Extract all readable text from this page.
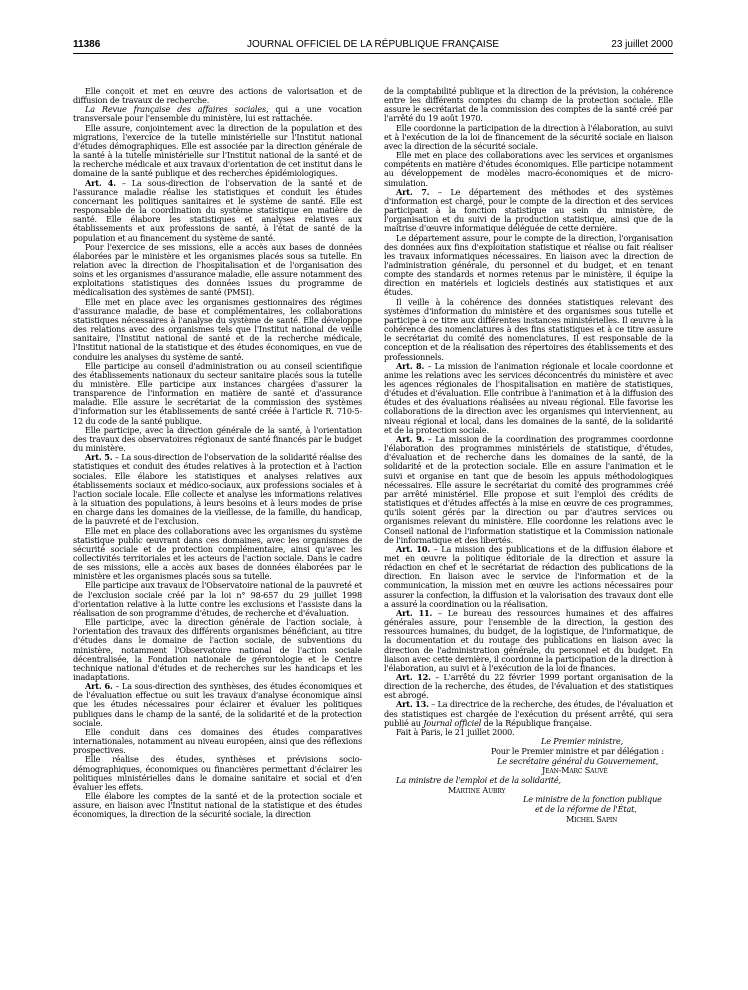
11386	JOURNAL OFFICIEL DE LA RÉPUBLIQUE FRANÇAISE	23 juillet 2000

Elle conçoit et met en œuvre des actions de valorisation et de diffusion de travaux de recherche.

La Revue française des affaires sociales, qui a une vocation transversale pour l'ensemble du ministère, lui est rattachée.

Elle assure, conjointement avec la direction de la population et des migrations, l'exercice de la tutelle ministérielle sur l'Institut national d'études démographiques. Elle est associée par la direction générale de la santé à la tutelle ministérielle sur l'Institut national de la santé et de la recherche médicale et aux travaux d'orientation de cet institut dans le domaine de la santé publique et des recherches épidémiologiques.

Art. 4. – La sous-direction de l'observation de la santé et de l'assurance maladie réalise les statistiques et conduit les études concernant les politiques sanitaires et le système de santé. Elle est responsable de la coordination du système statistique en matière de santé. Elle élabore les statistiques et analyses relatives aux établissements et aux professions de santé, à l'état de santé de la population et au financement du système de santé.

Pour l'exercice de ses missions, elle a accès aux bases de données élaborées par le ministère et les organismes placés sous sa tutelle. En relation avec la direction de l'hospitalisation et de l'organisation des soins et les organismes d'assurance maladie, elle assure notamment des exploitations statistiques des données issues du programme de médicalisation des systèmes de santé (PMSI).

Elle met en place avec les organismes gestionnaires des régimes d'assurance maladie, de base et complémentaires, les collaborations statistiques nécessaires à l'analyse du système de santé. Elle développe des relations avec des organismes tels que l'Institut national de veille sanitaire, l'Institut national de santé et de la recherche médicale, l'Institut national de la statistique et des études économiques, en vue de conduire les analyses du système de santé.

Elle participe au conseil d'administration ou au conseil scientifique des établissements nationaux du secteur sanitaire placés sous la tutelle du ministère. Elle participe aux instances chargées d'assurer la transparence de l'information en matière de santé et d'assurance maladie. Elle assure le secrétariat de la commission des systèmes d'information sur les établissements de santé créée à l'article R. 710-5-12 du code de la santé publique.

Elle participe, avec la direction générale de la santé, à l'orientation des travaux des observatoires régionaux de santé financés par le budget du ministère.

Art. 5. – La sous-direction de l'observation de la solidarité réalise des statistiques et conduit des études relatives à la protection et à l'action sociales. Elle élabore les statistiques et analyses relatives aux établissements sociaux et médico-sociaux, aux professions sociales et à l'action sociale locale. Elle collecte et analyse les informations relatives à la situation des populations, à leurs besoins et à leurs modes de prise en charge dans les domaines de la vieillesse, de la famille, du handicap, de la pauvreté et de l'exclusion.

Elle met en place des collaborations avec les organismes du système statistique public œuvrant dans ces domaines, avec les organismes de sécurité sociale et de protection complémentaire, ainsi qu'avec les collectivités territoriales et les acteurs de l'action sociale. Dans le cadre de ses missions, elle a accès aux bases de données élaborées par le ministère et les organismes placés sous sa tutelle.

Elle participe aux travaux de l'Observatoire national de la pauvreté et de l'exclusion sociale créé par la loi n° 98-657 du 29 juillet 1998 d'orientation relative à la lutte contre les exclusions et l'assiste dans la réalisation de son programme d'études, de recherche et d'évaluation.

Elle participe, avec la direction générale de l'action sociale, à l'orientation des travaux des différents organismes bénéficiant, au titre d'études dans le domaine de l'action sociale, de subventions du ministère, notamment l'Observatoire national de l'action sociale décentralisée, la Fondation nationale de gérontologie et le Centre technique national d'études et de recherches sur les handicaps et les inadaptations.

Art. 6. – La sous-direction des synthèses, des études économiques et de l'évaluation effectue ou suit les travaux d'analyse économique ainsi que les études nécessaires pour éclairer et évaluer les politiques publiques dans le champ de la santé, de la solidarité et de la protection sociale.

Elle conduit dans ces domaines des études comparatives internationales, notamment au niveau européen, ainsi que des réflexions prospectives.

Elle réalise des études, synthèses et prévisions socio-démographiques, économiques ou financières permettant d'éclairer les politiques ministérielles dans le domaine sanitaire et social et d'en évaluer les effets.

Elle élabore les comptes de la santé et de la protection sociale et assure, en liaison avec l'Institut national de la statistique et des études économiques, la direction de la sécurité sociale, la direction

de la comptabilité publique et la direction de la prévision, la cohérence entre les différents comptes du champ de la protection sociale. Elle assure le secrétariat de la commission des comptes de la santé créé par l'arrêté du 19 août 1970.

Elle coordonne la participation de la direction à l'élaboration, au suivi et à l'exécution de la loi de financement de la sécurité sociale en liaison avec la direction de la sécurité sociale.

Elle met en place des collaborations avec les services et organismes compétents en matière d'études économiques. Elle participe notamment au développement de modèles macro-économiques et de micro-simulation.

Art. 7. – Le département des méthodes et des systèmes d'information est chargé, pour le compte de la direction et des services participant à la fonction statistique au sein du ministère, de l'organisation et du suivi de la production statistique, ainsi que de la maîtrise d'œuvre informatique déléguée de cette dernière.

Le département assure, pour le compte de la direction, l'organisation des données aux fins d'exploitation statistique et réalise ou fait réaliser les travaux informatiques nécessaires. En liaison avec la direction de l'administration générale, du personnel et du budget, et en tenant compte des standards et normes retenus par le ministère, il équipe la direction en matériels et logiciels destinés aux statistiques et aux études.

Il veille à la cohérence des données statistiques relevant des systèmes d'information du ministère et des organismes sous tutelle et participe à ce titre aux différentes instances ministérielles. Il œuvre à la cohérence des nomenclatures à des fins statistiques et à ce titre assure le secrétariat du comité des nomenclatures. Il est responsable de la conception et de la réalisation des répertoires des établissements et des professionnels.

Art. 8. – La mission de l'animation régionale et locale coordonne et anime les relations avec les services déconcentrés du ministère et avec les agences régionales de l'hospitalisation en matière de statistiques, d'études et d'évaluation. Elle contribue à l'animation et à la diffusion des études et des évaluations réalisées au niveau régional. Elle favorise les collaborations de la direction avec les organismes qui interviennent, au niveau régional et local, dans les domaines de la santé, de la solidarité et de la protection sociale.

Art. 9. – La mission de la coordination des programmes coordonne l'élaboration des programmes ministériels de statistique, d'études, d'évaluation et de recherche dans les domaines de la santé, de la solidarité et de la protection sociale. Elle en assure l'animation et le suivi et organise en tant que de besoin les appuis méthodologiques nécessaires. Elle assure le secrétariat du comité des programmes créé par arrêté ministériel. Elle propose et suit l'emploi des crédits de statistiques et d'études affectés à la mise en œuvre de ces programmes, qu'ils soient gérés par la direction ou par d'autres services ou organismes relevant du ministère. Elle coordonne les relations avec le Conseil national de l'information statistique et la Commission nationale de l'informatique et des libertés.

Art. 10. – La mission des publications et de la diffusion élabore et met en œuvre la politique éditoriale de la direction et assure la rédaction en chef et le secrétariat de rédaction des publications de la direction. En liaison avec le service de l'information et de la communication, la mission met en œuvre les actions nécessaires pour assurer la confection, la diffusion et la valorisation des travaux dont elle a assuré la coordination ou la réalisation.

Art. 11. – Le bureau des ressources humaines et des affaires générales assure, pour l'ensemble de la direction, la gestion des ressources humaines, du budget, de la logistique, de l'informatique, de la documentation et du routage des publications en liaison avec la direction de l'administration générale, du personnel et du budget. En liaison avec cette dernière, il coordonne la participation de la direction à l'élaboration, au suivi et à l'exécution de la loi de finances.

Art. 12. – L'arrêté du 22 février 1999 portant organisation de la direction de la recherche, des études, de l'évaluation et des statistiques est abrogé.

Art. 13. – La directrice de la recherche, des études, de l'évaluation et des statistiques est chargée de l'exécution du présent arrêté, qui sera publié au Journal officiel de la République française.

Fait à Paris, le 21 juillet 2000.

Le Premier ministre,

Pour le Premier ministre et par délégation :

Le secrétaire général du Gouvernement,

Jean-Marc Sauvé

La ministre de l'emploi et de la solidarité,

Martine Aubry

Le ministre de la fonction publique

et de la réforme de l'État,

Michel Sapin
